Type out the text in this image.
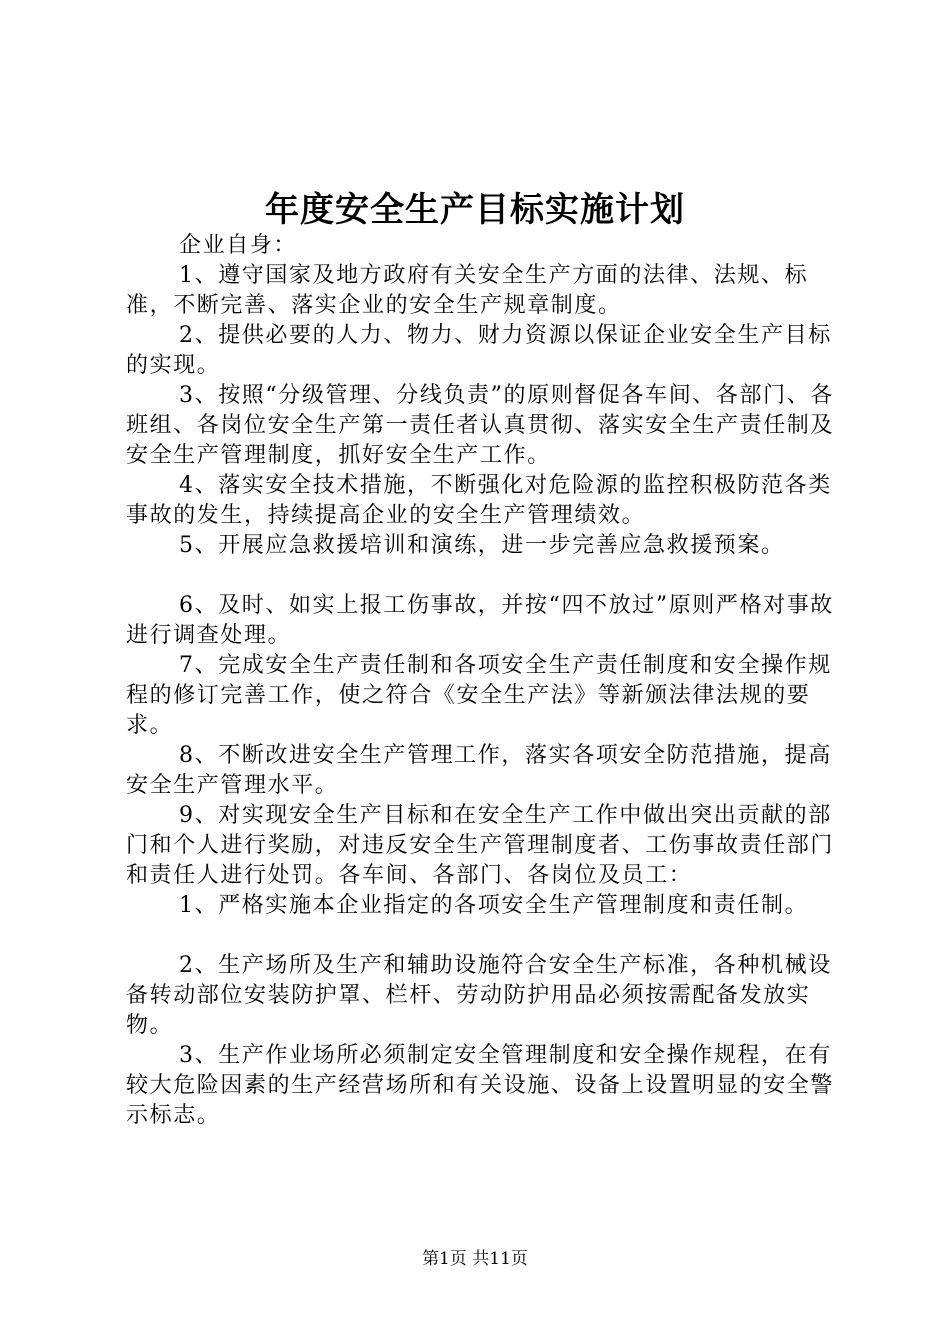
年度安全生产目标实施计划

企业自身：

1、遵守国家及地方政府有关安全生产方面的法律、法规、标准，不断完善、落实企业的安全生产规章制度。

2、提供必要的人力、物力、财力资源以保证企业安全生产目标的实现。

3、按照“分级管理、分线负责”的原则督促各车间、各部门、各班组、各岗位安全生产第一责任者认真贯彻、落实安全生产责任制及安全生产管理制度，抓好安全生产工作。

4、落实安全技术措施，不断强化对危险源的监控积极防范各类事故的发生，持续提高企业的安全生产管理绩效。

5、开展应急救援培训和演练，进一步完善应急救援预案。

6、及时、如实上报工伤事故，并按“四不放过”原则严格对事故进行调查处理。

7、完成安全生产责任制和各项安全生产责任制度和安全操作规程的修订完善工作，使之符合《安全生产法》等新颁法律法规的要求。

8、不断改进安全生产管理工作，落实各项安全防范措施，提高安全生产管理水平。

9、对实现安全生产目标和在安全生产工作中做出突出贡献的部门和个人进行奖励，对违反安全生产管理制度者、工伤事故责任部门和责任人进行处罚。各车间、各部门、各岗位及员工：

1、严格实施本企业指定的各项安全生产管理制度和责任制。

2、生产场所及生产和辅助设施符合安全生产标准，各种机械设备转动部位安装防护罩、栏杆、劳动防护用品必须按需配备发放实物。

3、生产作业场所必须制定安全管理制度和安全操作规程，在有较大危险因素的生产经营场所和有关设施、设备上设置明显的安全警示标志。

第1页 共11页
